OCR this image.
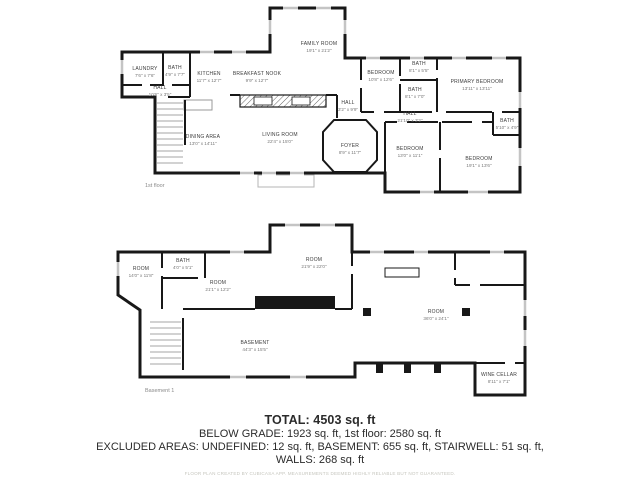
LAUNDRY
7'6" x 7'6"
BATH
4'9" x 7'7"
HALL
10'6" x 3'5"
KITCHEN
11'7" x 12'7"
BREAKFAST NOOK
9'9" x 12'7"
FAMILY ROOM
19'1" x 21'2"
DINING AREA
13'0" x 14'11"
LIVING ROOM
22'4" x 15'0"
HALL
3'2" x 9'9"
FOYER
8'9" x 11'7"
BEDROOM
10'8" x 12'6"
BATH
8'1" x 5'5"
BATH
8'1" x 7'0"
PRIMARY BEDROOM
13'11" x 13'11"
HALL
21'10" x 3'2"	BATH
5'10" x 4'9"
BEDROOM
13'0" x 11'1"
BEDROOM
19'1" x 13'6"
1st floor
ROOM
14'0" x 11'8"
BATH
4'0" x 5'1"
ROOM
21'1" x 12'2"
ROOM
21'9" x 22'0"
ROOM
36'0" x 24'1"
WINE CELLAR
8'11" x 7'1"
BASEMENT
44'3" x 15'5"
Basement 1
TOTAL: 4503 sq. ft
BELOW GRADE: 1923 sq. ft, 1st floor: 2580 sq. ft
EXCLUDED AREAS: UNDEFINED: 12 sq. ft, BASEMENT: 655 sq. ft, STAIRWELL: 51 sq. ft,
WALLS: 268 sq. ft
FLOOR PLAN CREATED BY CUBICASA APP. MEASUREMENTS DEEMED HIGHLY RELIABLE BUT NOT GUARANTEED.
